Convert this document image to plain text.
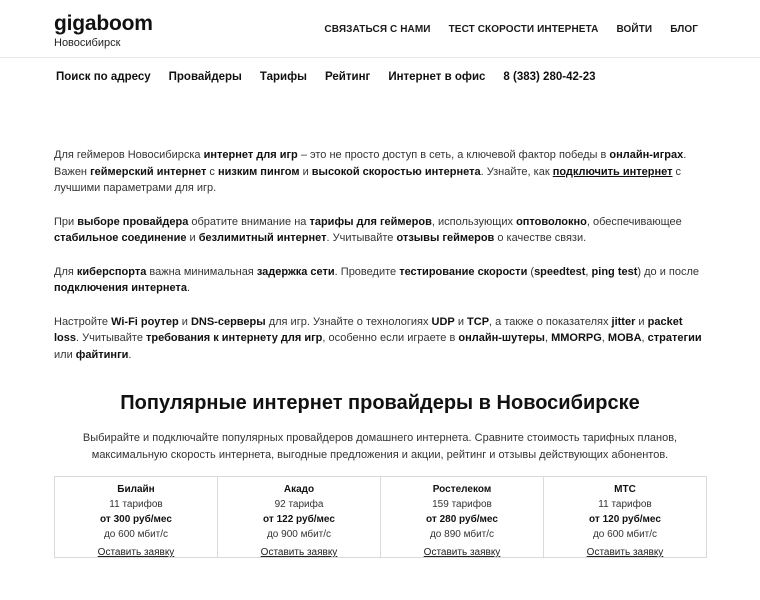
gigaboom
Новосибирск
СВЯЗАТЬСЯ С НАМИ ТЕСТ СКОРОСТИ ИНТЕРНЕТА ВОЙТИ БЛОГ
Поиск по адресу Провайдеры Тарифы Рейтинг Интернет в офис 8 (383) 280-42-23

Для геймеров Новосибирска интернет для игр – это не просто доступ в сеть, а ключевой фактор победы в онлайн-играх. Важен геймерский интернет с низким пингом и высокой скоростью интернета. Узнайте, как подключить интернет с лучшими параметрами для игр.

При выборе провайдера обратите внимание на тарифы для геймеров, использующих оптоволокно, обеспечивающее стабильное соединение и безлимитный интернет. Учитывайте отзывы геймеров о качестве связи.

Для киберспорта важна минимальная задержка сети. Проведите тестирование скорости (speedtest, ping test) до и после подключения интернета.

Настройте Wi-Fi роутер и DNS-серверы для игр. Узнайте о технологиях UDP и TCP, а также о показателях jitter и packet loss. Учитывайте требования к интернету для игр, особенно если играете в онлайн-шутеры, MMORPG, MOBA, стратегии или файтинги.

Популярные интернет провайдеры в Новосибирске

Выбирайте и подключайте популярных провайдеров домашнего интернета. Сравните стоимость тарифных планов, максимальную скорость интернета, выгодные предложения и акции, рейтинг и отзывы действующих абонентов.

Билайн
11 тарифов
от 300 руб/мес
до 600 мбит/с
Оставить заявку
Акадо
92 тарифа
от 122 руб/мес
до 900 мбит/с
Оставить заявку
Ростелеком
159 тарифов
от 280 руб/мес
до 890 мбит/с
Оставить заявку
МТС
11 тарифов
от 120 руб/мес
до 600 мбит/с
Оставить заявку
